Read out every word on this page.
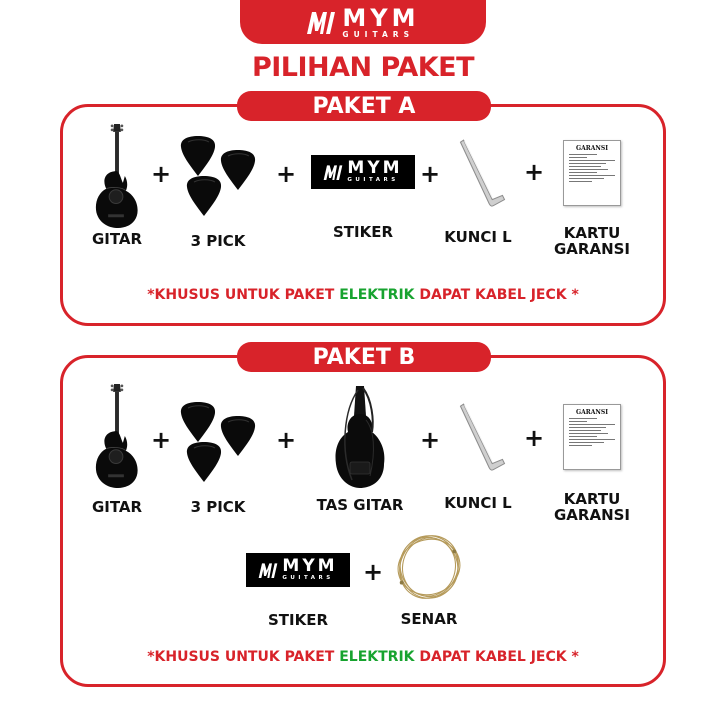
MYM
GUITARS
PILIHAN PAKET
PAKET A
GITAR
+
3 PICK
+	MYM
GUITARS
STIKER
+
KUNCI L
+
GARANSI
KARTU
GARANSI
*KHUSUS UNTUK PAKET ELEKTRIK DAPAT KABEL JECK *
PAKET B
GITAR
+
3 PICK
+
TAS GITAR
+
KUNCI L
+
GARANSI
KARTU
GARANSI
MYM
GUITARS
STIKER
+
SENAR
*KHUSUS UNTUK PAKET ELEKTRIK DAPAT KABEL JECK *
